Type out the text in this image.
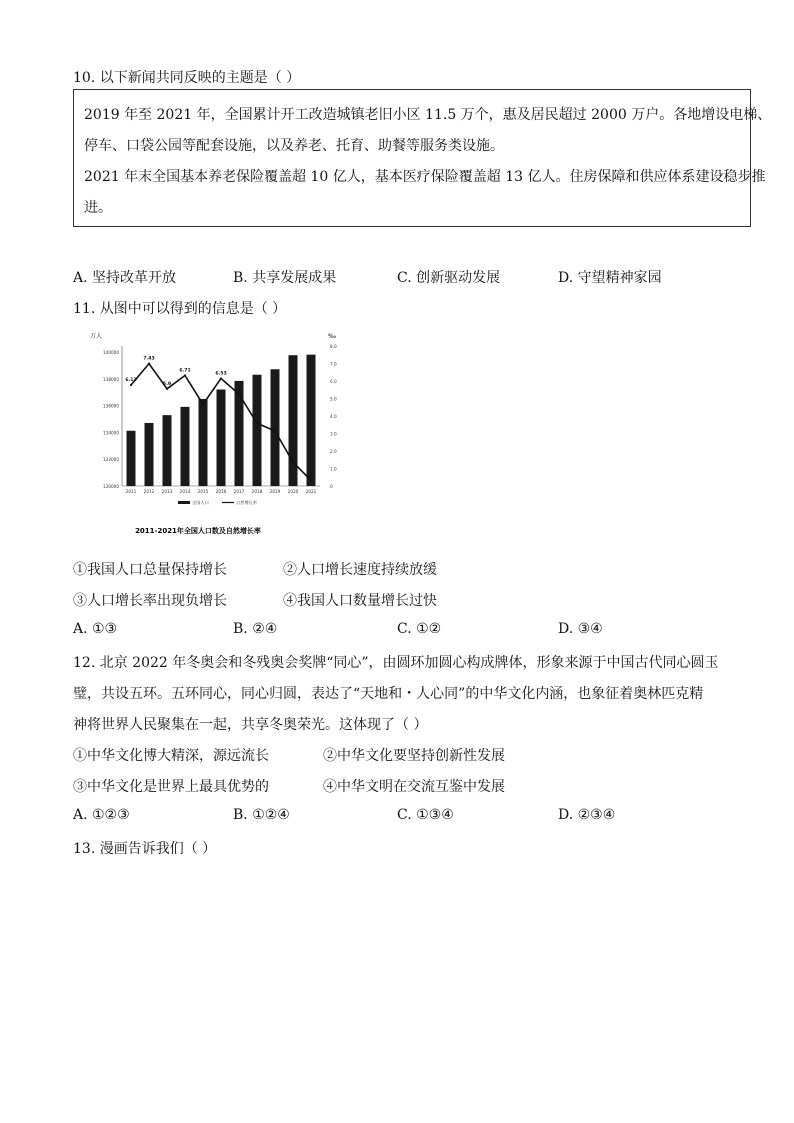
10. 以下新闻共同反映的主题是（ ）
2019 年至 2021 年，全国累计开工改造城镇老旧小区 11.5 万个，惠及居民超过 2000 万户。各地增设电梯、
停车、口袋公园等配套设施，以及养老、托育、助餐等服务类设施。
2021 年末全国基本养老保险覆盖超 10 亿人，基本医疗保险覆盖超 13 亿人。住房保障和供应体系建设稳步推
进。
A. 坚持改革开放	B. 共享发展成果	C. 创新驱动发展	D. 守望精神家园
11. 从图中可以得到的信息是（ ）
140000
138000
136000
134000
132000
130000
8.0
7.0
6.0
5.0
4.0
3.0
2.0
1.0
0
2011 2012 2013 2014 2015 2016 2017 2018 2019 2020 2021
6.13
7.43
5.9
6.71
6.53
全国人口	自然增长率
万人	‰
2011-2021年全国人口数及自然增长率
①我国人口总量保持增长	②人口增长速度持续放缓
③人口增长率出现负增长	④我国人口数量增长过快
A. ①③	B. ②④	C. ①②	D. ③④
12. 北京 2022 年冬奥会和冬残奥会奖牌“同心”，由圆环加圆心构成牌体，形象来源于中国古代同心圆玉
璧，共设五环。五环同心，同心归圆，表达了“天地和・人心同”的中华文化内涵，也象征着奥林匹克精
神将世界人民聚集在一起，共享冬奥荣光。这体现了（ ）
①中华文化博大精深，源远流长	②中华文化要坚持创新性发展
③中华文化是世界上最具优势的	④中华文明在交流互鉴中发展
A. ①②③	B. ①②④	C. ①③④	D. ②③④
13. 漫画告诉我们（ ）
